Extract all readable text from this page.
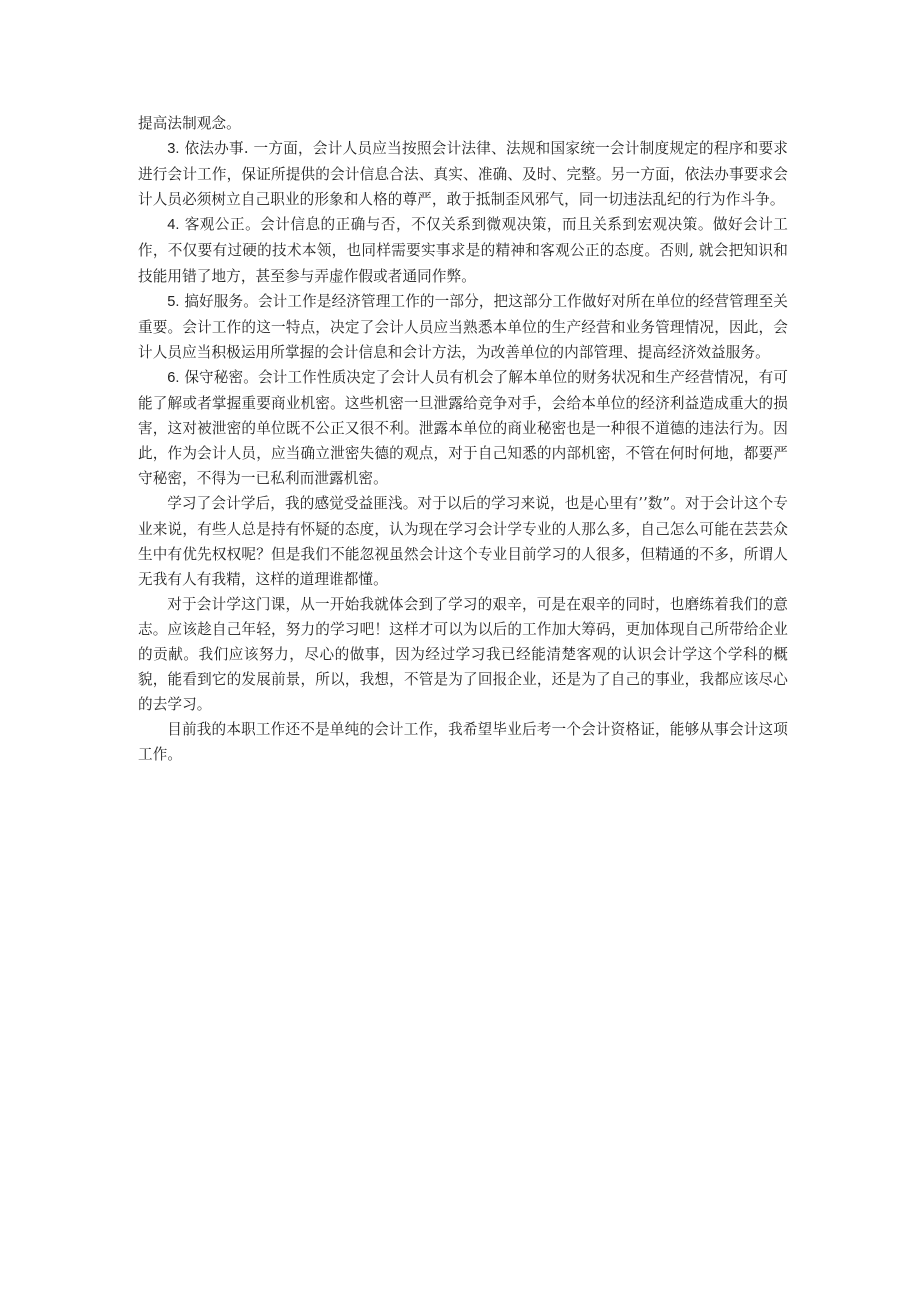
提高法制观念。

3. 依法办事. 一方面，会计人员应当按照会计法律、法规和国家统一会计制度规定的程序和要求进行会计工作，保证所提供的会计信息合法、真实、准确、及时、完整。另一方面，依法办事要求会计人员必须树立自己职业的形象和人格的尊严，敢于抵制歪风邪气，同一切违法乱纪的行为作斗争。

4. 客观公正。会计信息的正确与否，不仅关系到微观决策，而且关系到宏观决策。做好会计工作，不仅要有过硬的技术本领，也同样需要实事求是的精神和客观公正的态度。否则, 就会把知识和技能用错了地方，甚至参与弄虚作假或者通同作弊。

5. 搞好服务。会计工作是经济管理工作的一部分，把这部分工作做好对所在单位的经营管理至关重要。会计工作的这一特点，决定了会计人员应当熟悉本单位的生产经营和业务管理情况，因此，会计人员应当积极运用所掌握的会计信息和会计方法，为改善单位的内部管理、提高经济效益服务。

6. 保守秘密。会计工作性质决定了会计人员有机会了解本单位的财务状况和生产经营情况，有可能了解或者掌握重要商业机密。这些机密一旦泄露给竞争对手，会给本单位的经济利益造成重大的损害，这对被泄密的单位既不公正又很不利。泄露本单位的商业秘密也是一种很不道德的违法行为。因此，作为会计人员，应当确立泄密失德的观点，对于自己知悉的内部机密，不管在何时何地，都要严守秘密，不得为一已私利而泄露机密。

学习了会计学后，我的感觉受益匪浅。对于以后的学习来说，也是心里有’’数”。对于会计这个专业来说，有些人总是持有怀疑的态度，认为现在学习会计学专业的人那么多，自己怎么可能在芸芸众生中有优先权权呢？但是我们不能忽视虽然会计这个专业目前学习的人很多，但精通的不多，所谓人无我有人有我精，这样的道理谁都懂。

对于会计学这门课，从一开始我就体会到了学习的艰辛，可是在艰辛的同时，也磨练着我们的意志。应该趁自己年轻，努力的学习吧！这样才可以为以后的工作加大筹码，更加体现自己所带给企业的贡献。我们应该努力，尽心的做事，因为经过学习我已经能清楚客观的认识会计学这个学科的概貌，能看到它的发展前景，所以，我想，不管是为了回报企业，还是为了自己的事业，我都应该尽心的去学习。

目前我的本职工作还不是单纯的会计工作，我希望毕业后考一个会计资格证，能够从事会计这项工作。
